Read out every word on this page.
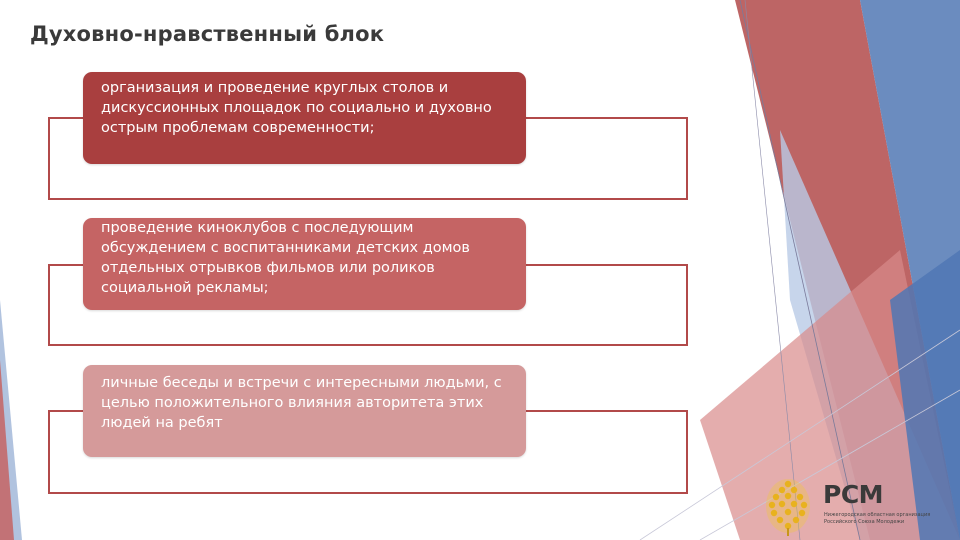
Духовно-нравственный блок
организация и проведение круглых столов и дискуссионных площадок по социально и духовно острым проблемам современности;
проведение киноклубов с последующим обсуждением с воспитанниками детских домов отдельных отрывков фильмов или роликов социальной рекламы;
личные беседы и встречи с интересными людьми, с целью положительного влияния авторитета этих людей на ребят
РСМ
Нижегородская областная организация
Российского Союза Молодежи
